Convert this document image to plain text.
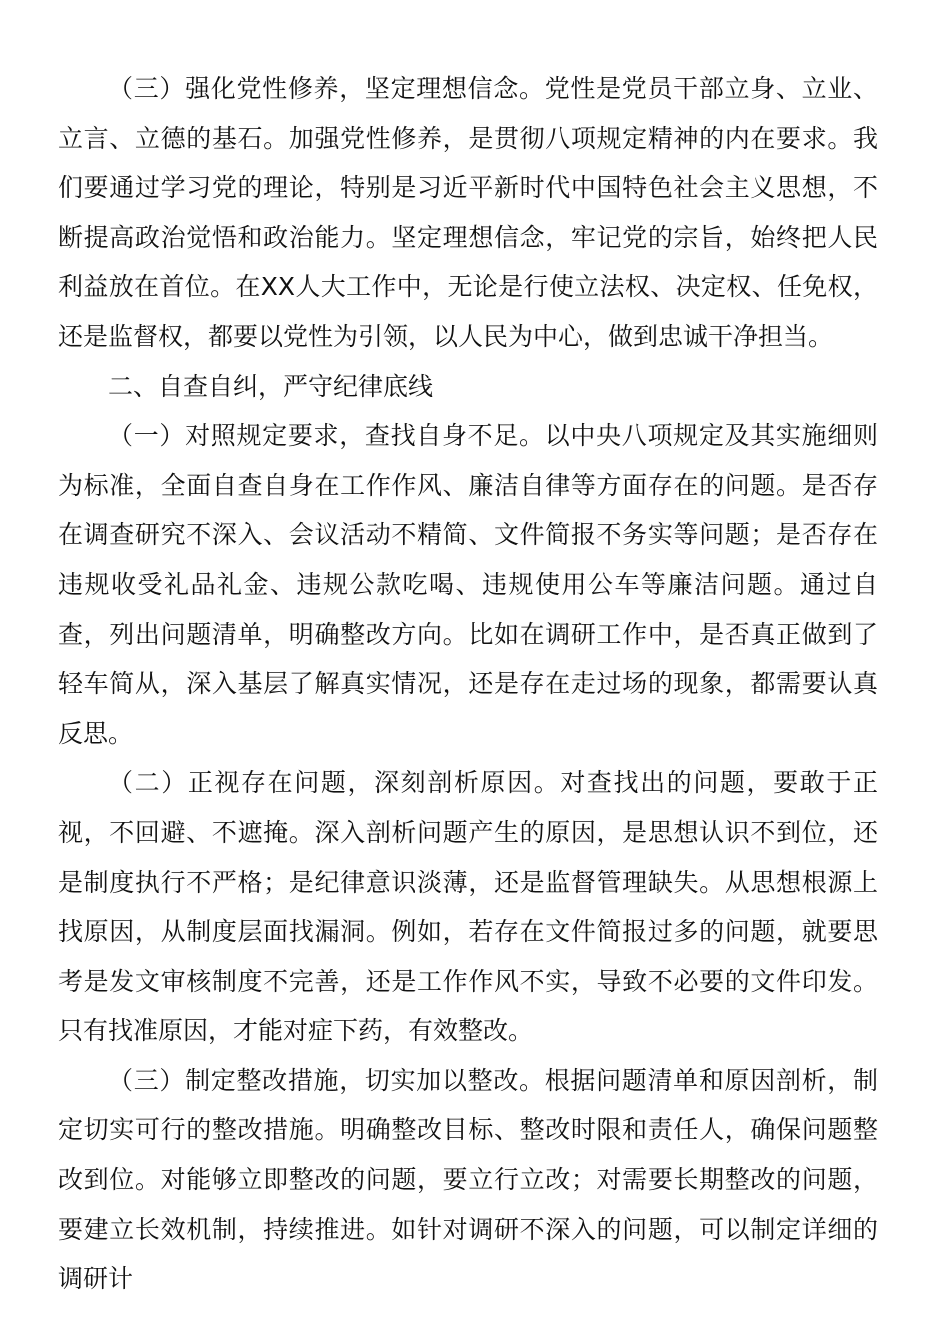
（三）强化党性修养，坚定理想信念。党性是党员干部立身、立业、立言、立德的基石。加强党性修养，是贯彻八项规定精神的内在要求。我们要通过学习党的理论，特别是习近平新时代中国特色社会主义思想，不断提高政治觉悟和政治能力。坚定理想信念，牢记党的宗旨，始终把人民利益放在首位。在XX人大工作中，无论是行使立法权、决定权、任免权，还是监督权，都要以党性为引领，以人民为中心，做到忠诚干净担当。

二、自查自纠，严守纪律底线

（一）对照规定要求，查找自身不足。以中央八项规定及其实施细则为标准，全面自查自身在工作作风、廉洁自律等方面存在的问题。是否存在调查研究不深入、会议活动不精简、文件简报不务实等问题；是否存在违规收受礼品礼金、违规公款吃喝、违规使用公车等廉洁问题。通过自查，列出问题清单，明确整改方向。比如在调研工作中，是否真正做到了轻车简从，深入基层了解真实情况，还是存在走过场的现象，都需要认真反思。

（二）正视存在问题，深刻剖析原因。对查找出的问题，要敢于正视，不回避、不遮掩。深入剖析问题产生的原因，是思想认识不到位，还是制度执行不严格；是纪律意识淡薄，还是监督管理缺失。从思想根源上找原因，从制度层面找漏洞。例如，若存在文件简报过多的问题，就要思考是发文审核制度不完善，还是工作作风不实，导致不必要的文件印发。只有找准原因，才能对症下药，有效整改。

（三）制定整改措施，切实加以整改。根据问题清单和原因剖析，制定切实可行的整改措施。明确整改目标、整改时限和责任人，确保问题整改到位。对能够立即整改的问题，要立行立改；对需要长期整改的问题，要建立长效机制，持续推进。如针对调研不深入的问题，可以制定详细的调研计
